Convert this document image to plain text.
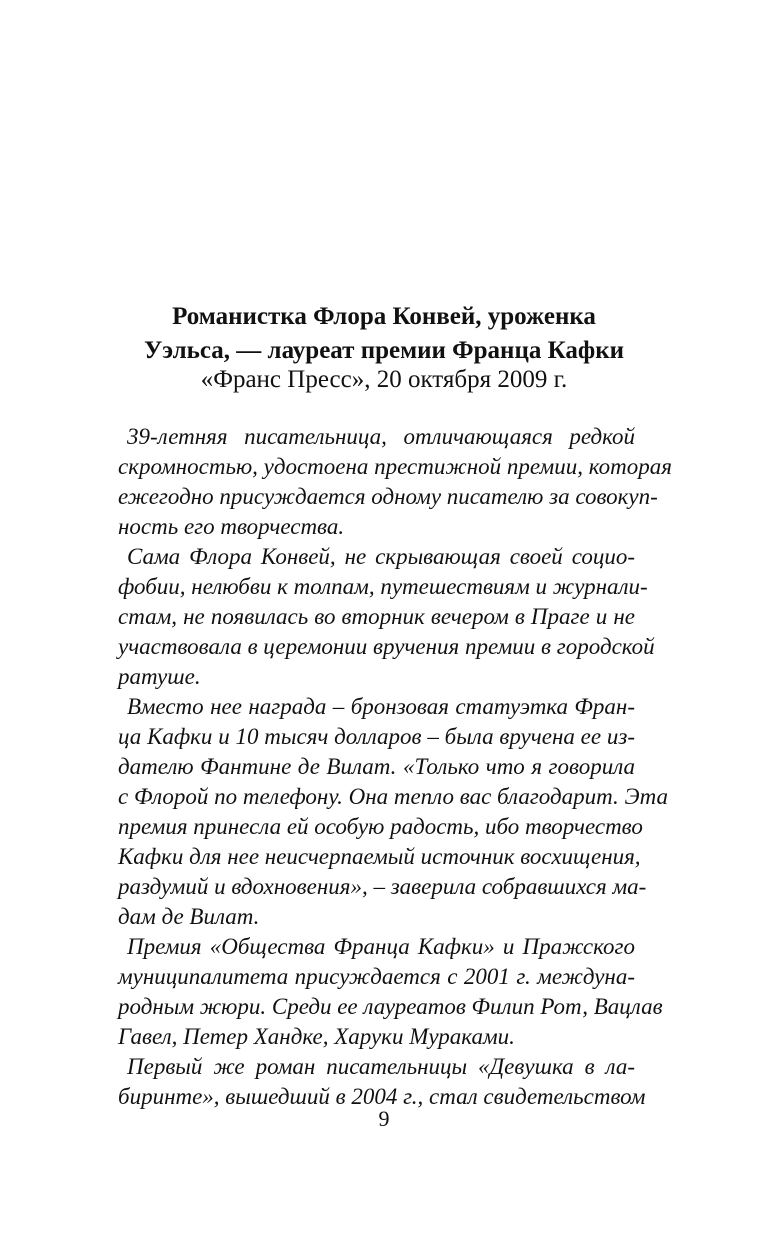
Романистка Флора Конвей, уроженка
Уэльса, — лауреат премии Франца Кафки
«Франс Пресс», 20 октября 2009 г.
39-летняя писательница, отличающаяся редкой
скромностью, удостоена престижной премии, которая
ежегодно присуждается одному писателю за совокуп-
ность его творчества.
Сама Флора Конвей, не скрывающая своей социо-
фобии, нелюбви к толпам, путешествиям и журнали-
стам, не появилась во вторник вечером в Праге и не
участвовала в церемонии вручения премии в городской
ратуше.
Вместо нее награда – бронзовая статуэтка Фран-
ца Кафки и 10 тысяч долларов – была вручена ее из-
дателю Фантине де Вилат. «Только что я говорила
с Флорой по телефону. Она тепло вас благодарит. Эта
премия принесла ей особую радость, ибо творчество
Кафки для нее неисчерпаемый источник восхищения,
раздумий и вдохновения», – заверила собравшихся ма-
дам де Вилат.
Премия «Общества Франца Кафки» и Пражского
муниципалитета присуждается с 2001 г. междуна-
родным жюри. Среди ее лауреатов Филип Рот, Вацлав
Гавел, Петер Хандке, Харуки Мураками.
Первый же роман писательницы «Девушка в ла-
биринте», вышедший в 2004 г., стал свидетельством
9
